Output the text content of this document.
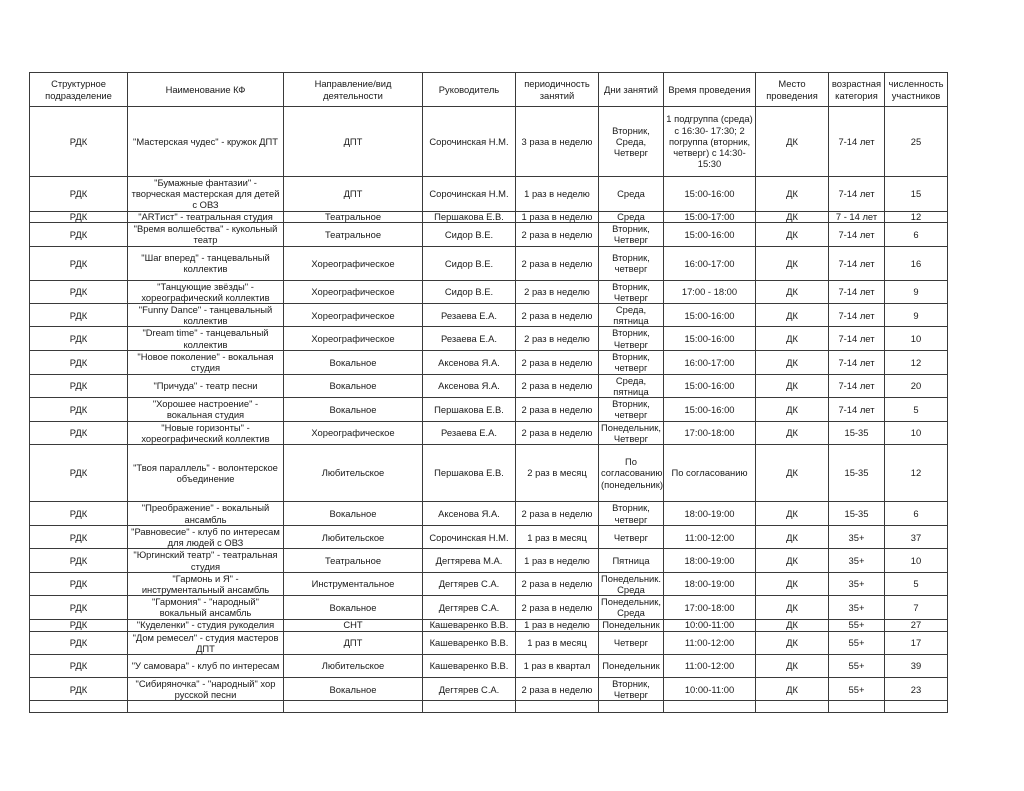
Структурное подразделение	Наименование КФ	Направление/вид деятельности	Руководитель	периодичность занятий	Дни занятий	Время проведения	Место проведения	возрастная категория	численность участников
РДК	"Мастерская чудес" - кружок ДПТ	ДПТ	Сорочинская Н.М.	3 раза в неделю	Вторник, Среда, Четверг	1 подгруппа (среда) с 16:30- 17:30; 2 погруппа (вторник, четверг) с 14:30-15:30	ДК	7-14 лет	25
РДК	"Бумажные фантазии" - творческая мастерская для детей с ОВЗ	ДПТ	Сорочинская Н.М.	1 раз в неделю	Среда	15:00-16:00	ДК	7-14 лет	15
РДК	"ARTист" - театральная студия	Театральное	Першакова Е.В.	1 раза в неделю	Среда	15:00-17:00	ДК	7 - 14 лет	12
РДК	"Время волшебства" - кукольный театр	Театральное	Сидор В.Е.	2 раза в неделю	Вторник, Четверг	15:00-16:00	ДК	7-14 лет	6
РДК	"Шаг вперед" - танцевальный коллектив	Хореографическое	Сидор В.Е.	2 раза в неделю	Вторник, четверг	16:00-17:00	ДК	7-14 лет	16
РДК	"Танцующие звёзды" - хореографический коллектив	Хореографическое	Сидор В.Е.	2 раз в неделю	Вторник, Четверг	17:00 - 18:00	ДК	7-14 лет	9
РДК	"Funny Dance" - танцевальный коллектив	Хореографическое	Резаева Е.А.	2 раза в неделю	Среда, пятница	15:00-16:00	ДК	7-14 лет	9
РДК	"Dream time" - танцевальный коллектив	Хореографическое	Резаева Е.А.	2 раз в неделю	Вторник, Четверг	15:00-16:00	ДК	7-14 лет	10
РДК	"Новое поколение" - вокальная студия	Вокальное	Аксенова Я.А.	2 раза в неделю	Вторник, четверг	16:00-17:00	ДК	7-14 лет	12
РДК	"Причуда" - театр песни	Вокальное	Аксенова Я.А.	2 раза в неделю	Среда, пятница	15:00-16:00	ДК	7-14 лет	20
РДК	"Хорошее настроение" - вокальная студия	Вокальное	Першакова Е.В.	2 раза в неделю	Вторник, четверг	15:00-16:00	ДК	7-14 лет	5
РДК	"Новые горизонты" - хореографический коллектив	Хореографическое	Резаева Е.А.	2 раза в неделю	Понедельник, Четверг	17:00-18:00	ДК	15-35	10
РДК	"Твоя параллель" - волонтерское объединение	Любительское	Першакова Е.В.	2 раз в месяц	По согласованию (понедельник)	По согласованию	ДК	15-35	12
РДК	"Преображение" - вокальный ансамбль	Вокальное	Аксенова Я.А.	2 раза в неделю	Вторник, четверг	18:00-19:00	ДК	15-35	6
РДК	"Равновесие" - клуб по интересам для людей с ОВЗ	Любительское	Сорочинская Н.М.	1 раз в месяц	Четверг	11:00-12:00	ДК	35+	37
РДК	"Юргинский театр" - театральная студия	Театральное	Дегтярева М.А.	1 раз в неделю	Пятница	18:00-19:00	ДК	35+	10
РДК	"Гармонь и Я" - инструментальный ансамбль	Инструментальное	Дегтярев С.А.	2 раза в неделю	Понедельник. Среда	18:00-19:00	ДК	35+	5
РДК	"Гармония" - "народный" вокальный ансамбль	Вокальное	Дегтярев С.А.	2 раза в неделю	Понедельник, Среда	17:00-18:00	ДК	35+	7
РДК	"Куделенки" - студия рукоделия	СНТ	Кашеваренко В.В.	1 раз в неделю	Понедельник	10:00-11:00	ДК	55+	27
РДК	"Дом ремесел" - студия мастеров ДПТ	ДПТ	Кашеваренко В.В.	1 раз в месяц	Четверг	11:00-12:00	ДК	55+	17
РДК	"У самовара" - клуб по интересам	Любительское	Кашеваренко В.В.	1 раз в квартал	Понедельник	11:00-12:00	ДК	55+	39
РДК	"Сибиряночка" - "народный" хор русской песни	Вокальное	Дегтярев С.А.	2 раза в неделю	Вторник, Четверг	10:00-11:00	ДК	55+	23
